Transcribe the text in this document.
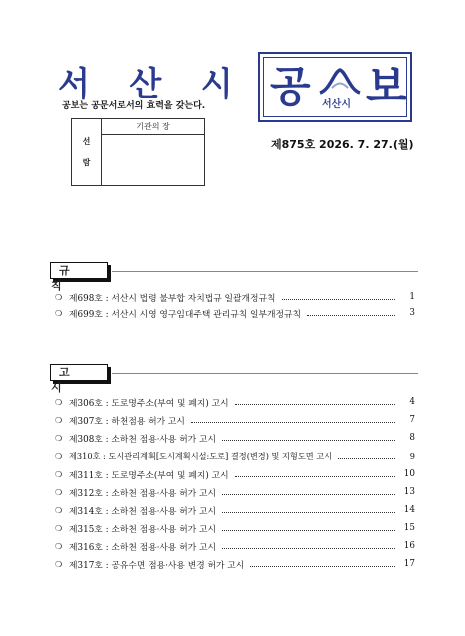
서 산 시
공보는 공문서로서의 효력을 갖는다.
선
람
기관의 장
공 서산시 보
제875호 2026. 7. 27.(월)
규 칙
❍ 제698호 : 서산시 법령 불부합 자치법규 일괄개정규칙	1
❍ 제699호 : 서산시 시영 영구임대주택 관리규칙 일부개정규칙	3
고 시
❍ 제306호 : 도로명주소(부여 및 폐지) 고시	4
❍ 제307호 : 하천점용 허가 고시	7
❍ 제308호 : 소하천 점용·사용 허가 고시	8
❍ 제310호 : 도시관리계획[도시계획시설:도로] 결정(변경) 및 지형도면 고시	9
❍ 제311호 : 도로명주소(부여 및 폐지) 고시	10
❍ 제312호 : 소하천 점용·사용 허가 고시	13
❍ 제314호 : 소하천 점용·사용 허가 고시	14
❍ 제315호 : 소하천 점용·사용 허가 고시	15
❍ 제316호 : 소하천 점용·사용 허가 고시	16
❍ 제317호 : 공유수면 점용·사용 변경 허가 고시	17
